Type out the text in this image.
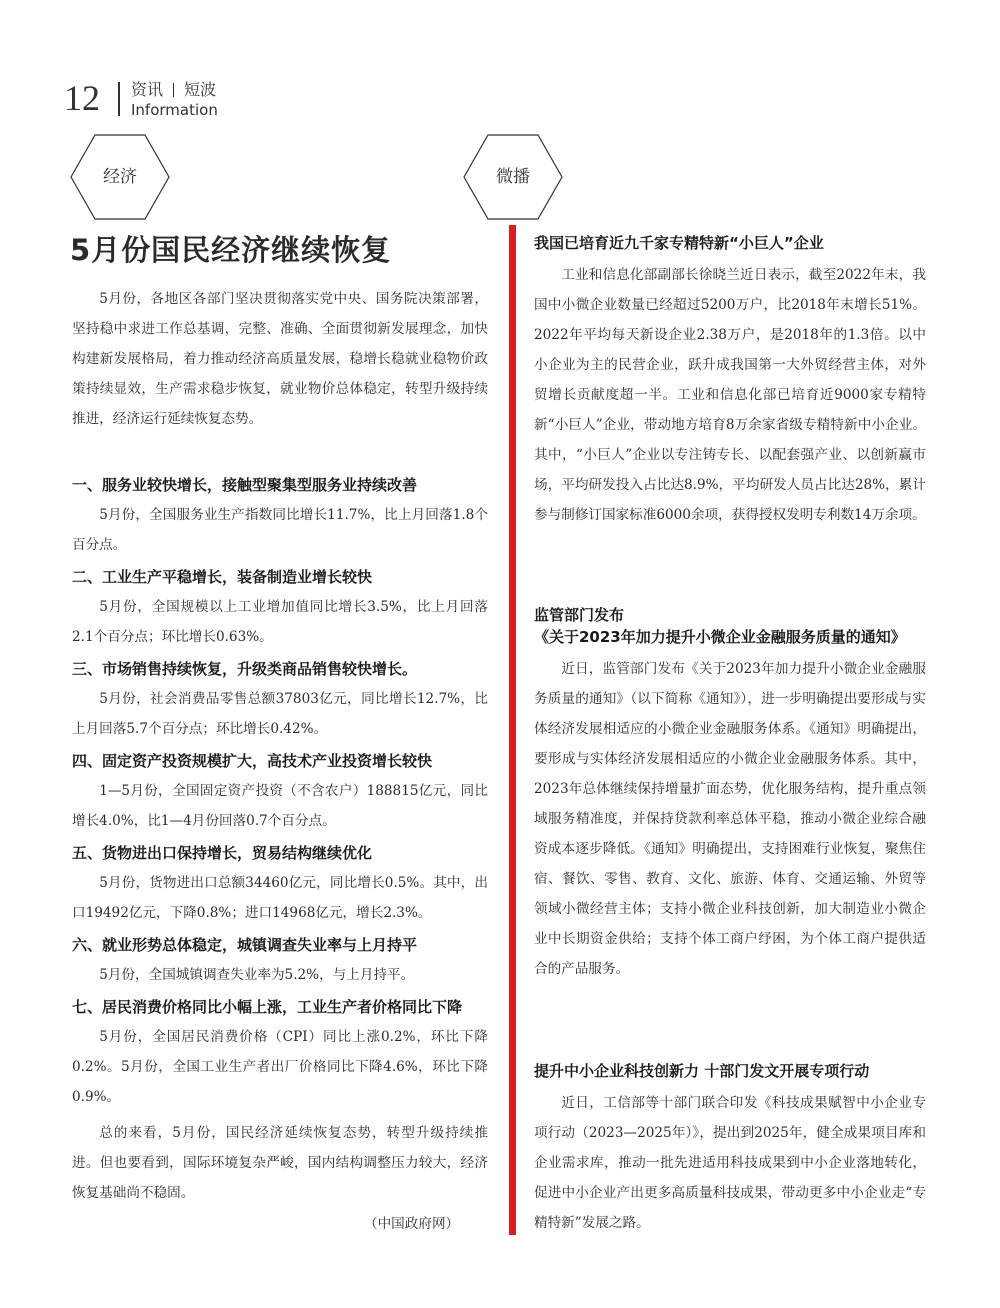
12 资讯 短波
Information
经济	微播
5月份国民经济继续恢复

5月份，各地区各部门坚决贯彻落实党中央、国务院决策部署，坚持稳中求进工作总基调，完整、准确、全面贯彻新发展理念，加快构建新发展格局，着力推动经济高质量发展，稳增长稳就业稳物价政策持续显效，生产需求稳步恢复，就业物价总体稳定，转型升级持续推进，经济运行延续恢复态势。

一、服务业较快增长，接触型聚集型服务业持续改善

5月份，全国服务业生产指数同比增长11.7%，比上月回落1.8个百分点。

二、工业生产平稳增长，装备制造业增长较快

5月份，全国规模以上工业增加值同比增长3.5%，比上月回落2.1个百分点；环比增长0.63%。

三、市场销售持续恢复，升级类商品销售较快增长。

5月份，社会消费品零售总额37803亿元，同比增长12.7%，比上月回落5.7个百分点；环比增长0.42%。

四、固定资产投资规模扩大，高技术产业投资增长较快

1—5月份，全国固定资产投资（不含农户）188815亿元，同比增长4.0%，比1—4月份回落0.7个百分点。

五、货物进出口保持增长，贸易结构继续优化

5月份，货物进出口总额34460亿元，同比增长0.5%。其中，出口19492亿元，下降0.8%；进口14968亿元，增长2.3%。

六、就业形势总体稳定，城镇调查失业率与上月持平

5月份，全国城镇调查失业率为5.2%，与上月持平。

七、居民消费价格同比小幅上涨，工业生产者价格同比下降

5月份，全国居民消费价格（CPI）同比上涨0.2%，环比下降0.2%。5月份，全国工业生产者出厂价格同比下降4.6%，环比下降0.9%。

总的来看，5月份，国民经济延续恢复态势，转型升级持续推进。但也要看到，国际环境复杂严峻，国内结构调整压力较大，经济恢复基础尚不稳固。

（中国政府网）
我国已培育近九千家专精特新“小巨人”企业

工业和信息化部副部长徐晓兰近日表示，截至2022年末，我国中小微企业数量已经超过5200万户，比2018年末增长51%。2022年平均每天新设企业2.38万户，是2018年的1.3倍。以中小企业为主的民营企业，跃升成我国第一大外贸经营主体，对外贸增长贡献度超一半。工业和信息化部已培育近9000家专精特新“小巨人”企业，带动地方培育8万余家省级专精特新中小企业。其中，“小巨人”企业以专注铸专长、以配套强产业、以创新赢市场，平均研发投入占比达8.9%，平均研发人员占比达28%，累计参与制修订国家标准6000余项，获得授权发明专利数14万余项。

监管部门发布
《关于2023年加力提升小微企业金融服务质量的通知》

近日，监管部门发布《关于2023年加力提升小微企业金融服务质量的通知》（以下简称《通知》），进一步明确提出要形成与实体经济发展相适应的小微企业金融服务体系。《通知》明确提出，要形成与实体经济发展相适应的小微企业金融服务体系。其中，2023年总体继续保持增量扩面态势，优化服务结构，提升重点领域服务精准度，并保持贷款利率总体平稳，推动小微企业综合融资成本逐步降低。《通知》明确提出，支持困难行业恢复，聚焦住宿、餐饮、零售、教育、文化、旅游、体育、交通运输、外贸等领域小微经营主体；支持小微企业科技创新，加大制造业小微企业中长期资金供给；支持个体工商户纾困，为个体工商户提供适合的产品服务。

提升中小企业科技创新力 十部门发文开展专项行动

近日，工信部等十部门联合印发《科技成果赋智中小企业专项行动（2023—2025年）》，提出到2025年，健全成果项目库和企业需求库，推动一批先进适用科技成果到中小企业落地转化，促进中小企业产出更多高质量科技成果，带动更多中小企业走“专精特新”发展之路。
